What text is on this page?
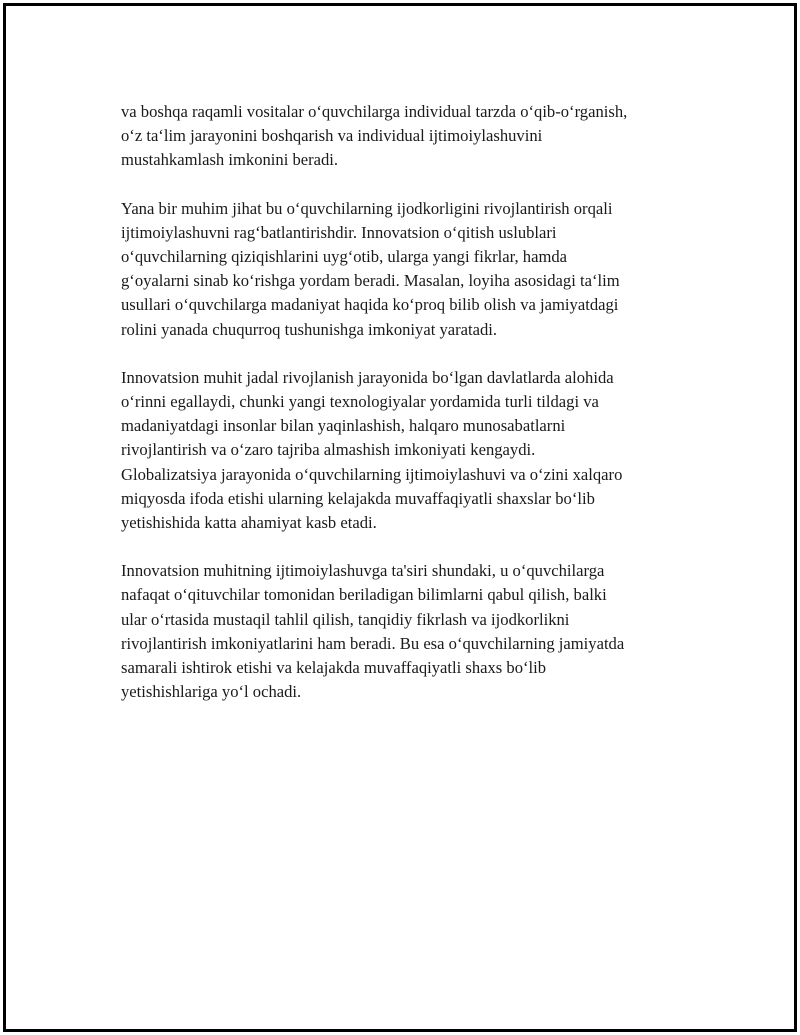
va boshqa raqamli vositalar o‘quvchilarga individual tarzda o‘qib-o‘rganish,
o‘z ta‘lim jarayonini boshqarish va individual ijtimoiylashuvini
mustahkamlash imkonini beradi.

Yana bir muhim jihat bu o‘quvchilarning ijodkorligini rivojlantirish orqali
ijtimoiylashuvni rag‘batlantirishdir. Innovatsion o‘qitish uslublari
o‘quvchilarning qiziqishlarini uyg‘otib, ularga yangi fikrlar, hamda
g‘oyalarni sinab ko‘rishga yordam beradi. Masalan, loyiha asosidagi ta‘lim
usullari o‘quvchilarga madaniyat haqida ko‘proq bilib olish va jamiyatdagi
rolini yanada chuqurroq tushunishga imkoniyat yaratadi.

Innovatsion muhit jadal rivojlanish jarayonida bo‘lgan davlatlarda alohida
o‘rinni egallaydi, chunki yangi texnologiyalar yordamida turli tildagi va
madaniyatdagi insonlar bilan yaqinlashish, halqaro munosabatlarni
rivojlantirish va o‘zaro tajriba almashish imkoniyati kengaydi.
Globalizatsiya jarayonida o‘quvchilarning ijtimoiylashuvi va o‘zini xalqaro
miqyosda ifoda etishi ularning kelajakda muvaffaqiyatli shaxslar bo‘lib
yetishishida katta ahamiyat kasb etadi.

Innovatsion muhitning ijtimoiylashuvga ta'siri shundaki, u o‘quvchilarga
nafaqat o‘qituvchilar tomonidan beriladigan bilimlarni qabul qilish, balki
ular o‘rtasida mustaqil tahlil qilish, tanqidiy fikrlash va ijodkorlikni
rivojlantirish imkoniyatlarini ham beradi. Bu esa o‘quvchilarning jamiyatda
samarali ishtirok etishi va kelajakda muvaffaqiyatli shaxs bo‘lib
yetishishlariga yo‘l ochadi.
